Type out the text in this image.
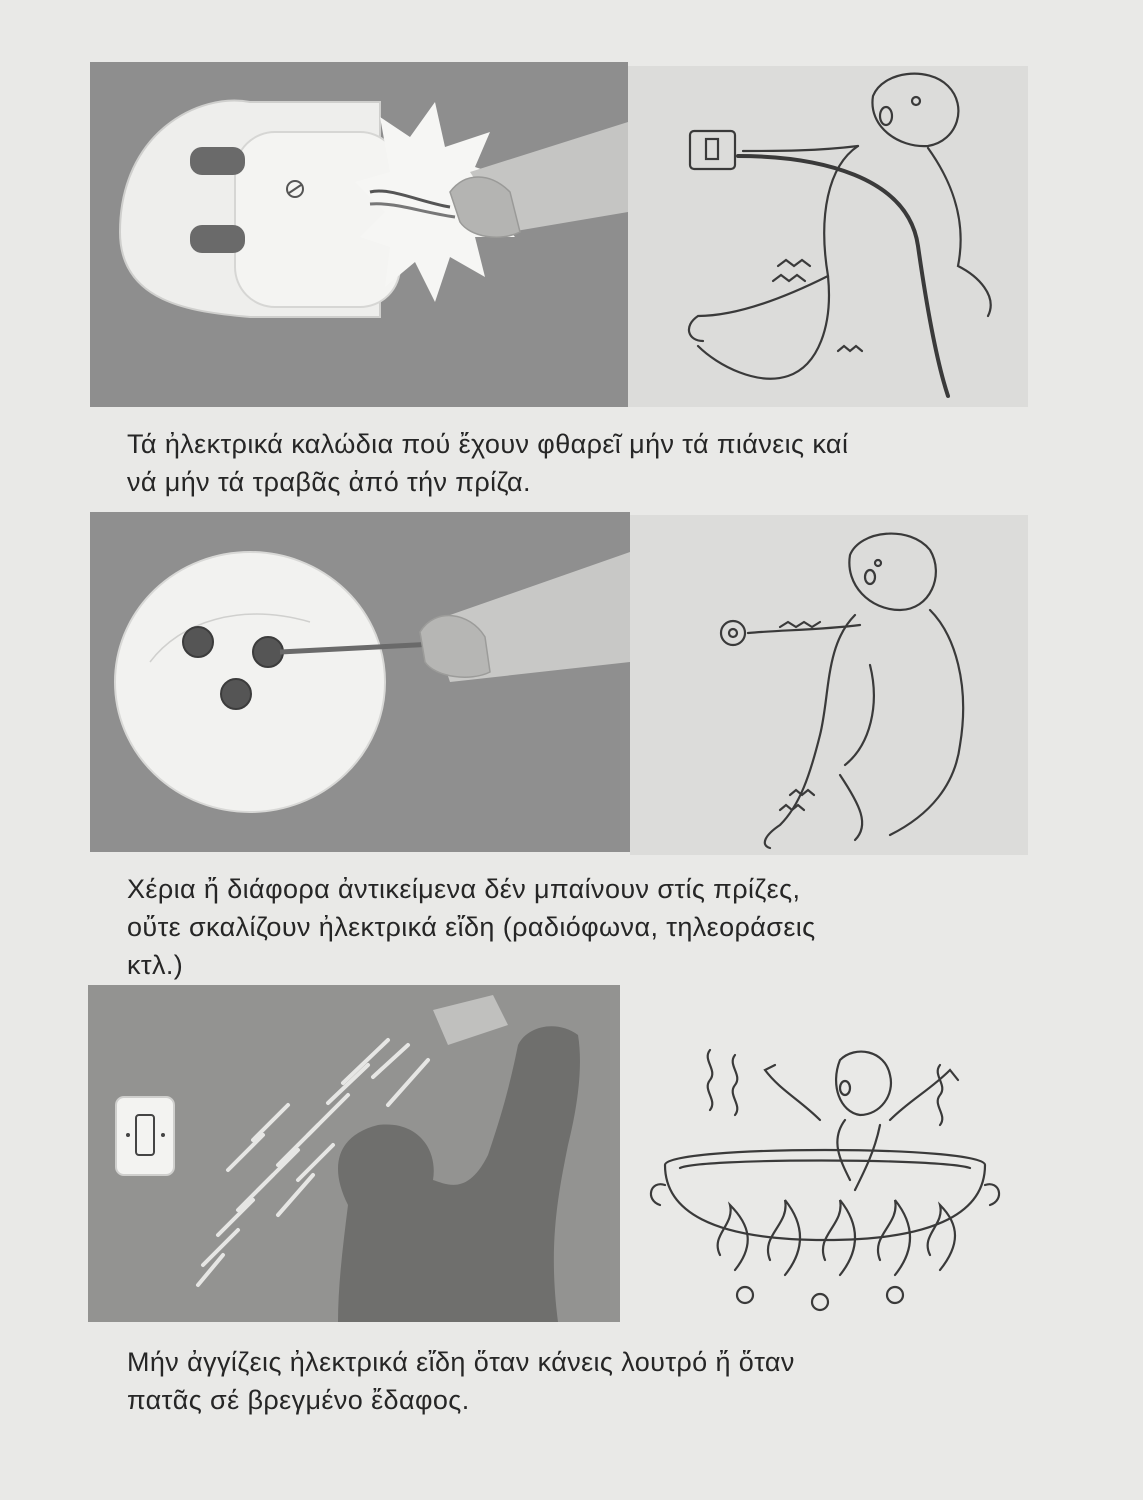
Τά ἠλεκτρικά καλώδια πού ἔχουν φθαρεῖ μήν τά πιάνεις καί
νά μήν τά τραβᾶς ἀπό τήν πρίζα.

Χέρια ἤ διάφορα ἀντικείμενα δέν μπαίνουν στίς πρίζες,
οὔτε σκαλίζουν ἠλεκτρικά εἴδη (ραδιόφωνα, τηλεοράσεις
κτλ.)

Μήν ἀγγίζεις ἠλεκτρικά εἴδη ὅταν κάνεις λουτρό ἤ ὅταν
πατᾶς σέ βρεγμένο ἔδαφος.
